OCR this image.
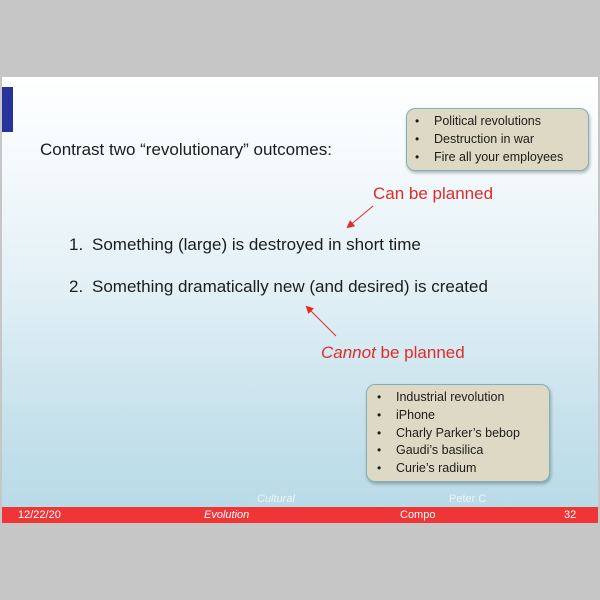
Contrast two “revolutionary” outcomes:
• Political revolutions
• Destruction in war
• Fire all your employees
Can be planned
1. Something (large) is destroyed in short time
2. Something dramatically new (and desired) is created
Cannot be planned
• Industrial revolution
• iPhone
• Charly Parker’s bebop
• Gaudi’s basilica
• Curie’s radium
12/22/20
Cultural
Evolution
Peter C
Compo	32
